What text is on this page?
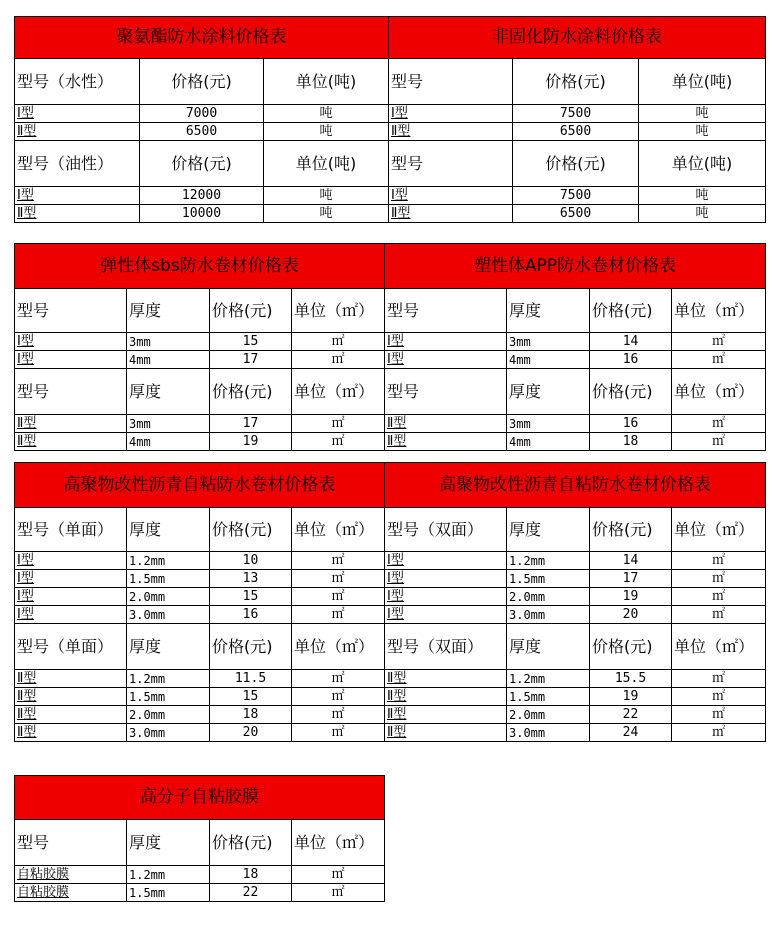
聚氨酯防水涂料价格表			非固化防水涂料价格表		
型号（水性）	价格(元)	单位(吨)	型号	价格(元)	单位(吨)
Ⅰ型	7000	吨	Ⅰ型	7500	吨
Ⅱ型	6500	吨	Ⅱ型	6500	吨
型号（油性）	价格(元)	单位(吨)	型号	价格(元)	单位(吨)
Ⅰ型	12000	吨	Ⅰ型	7500	吨
Ⅱ型	10000	吨	Ⅱ型	6500	吨
弹性体sbs防水卷材价格表				塑性体APP防水卷材价格表			
型号	厚度	价格(元)	单位（㎡）	型号	厚度	价格(元)	单位（㎡）
Ⅰ型	3mm	15	㎡	Ⅰ型	3mm	14	㎡
Ⅰ型	4mm	17	㎡	Ⅰ型	4mm	16	㎡
型号	厚度	价格(元)	单位（㎡）	型号	厚度	价格(元)	单位（㎡）
Ⅱ型	3mm	17	㎡	Ⅱ型	3mm	16	㎡
Ⅱ型	4mm	19	㎡	Ⅱ型	4mm	18	㎡
高聚物改性沥青自粘防水卷材价格表				高聚物改性沥青自粘防水卷材价格表			
型号（单面）	厚度	价格(元)	单位（㎡）	型号（双面）	厚度	价格(元)	单位（㎡）
Ⅰ型	1.2mm	10	㎡	Ⅰ型	1.2mm	14	㎡
Ⅰ型	1.5mm	13	㎡	Ⅰ型	1.5mm	17	㎡
Ⅰ型	2.0mm	15	㎡	Ⅰ型	2.0mm	19	㎡
Ⅰ型	3.0mm	16	㎡	Ⅰ型	3.0mm	20	㎡
型号（单面）	厚度	价格(元)	单位（㎡）	型号（双面）	厚度	价格(元)	单位（㎡）
Ⅱ型	1.2mm	11.5	㎡	Ⅱ型	1.2mm	15.5	㎡
Ⅱ型	1.5mm	15	㎡	Ⅱ型	1.5mm	19	㎡
Ⅱ型	2.0mm	18	㎡	Ⅱ型	2.0mm	22	㎡
Ⅱ型	3.0mm	20	㎡	Ⅱ型	3.0mm	24	㎡
高分子自粘胶膜			
型号	厚度	价格(元)	单位（㎡）
自粘胶膜	1.2mm	18	㎡
自粘胶膜	1.5mm	22	㎡
